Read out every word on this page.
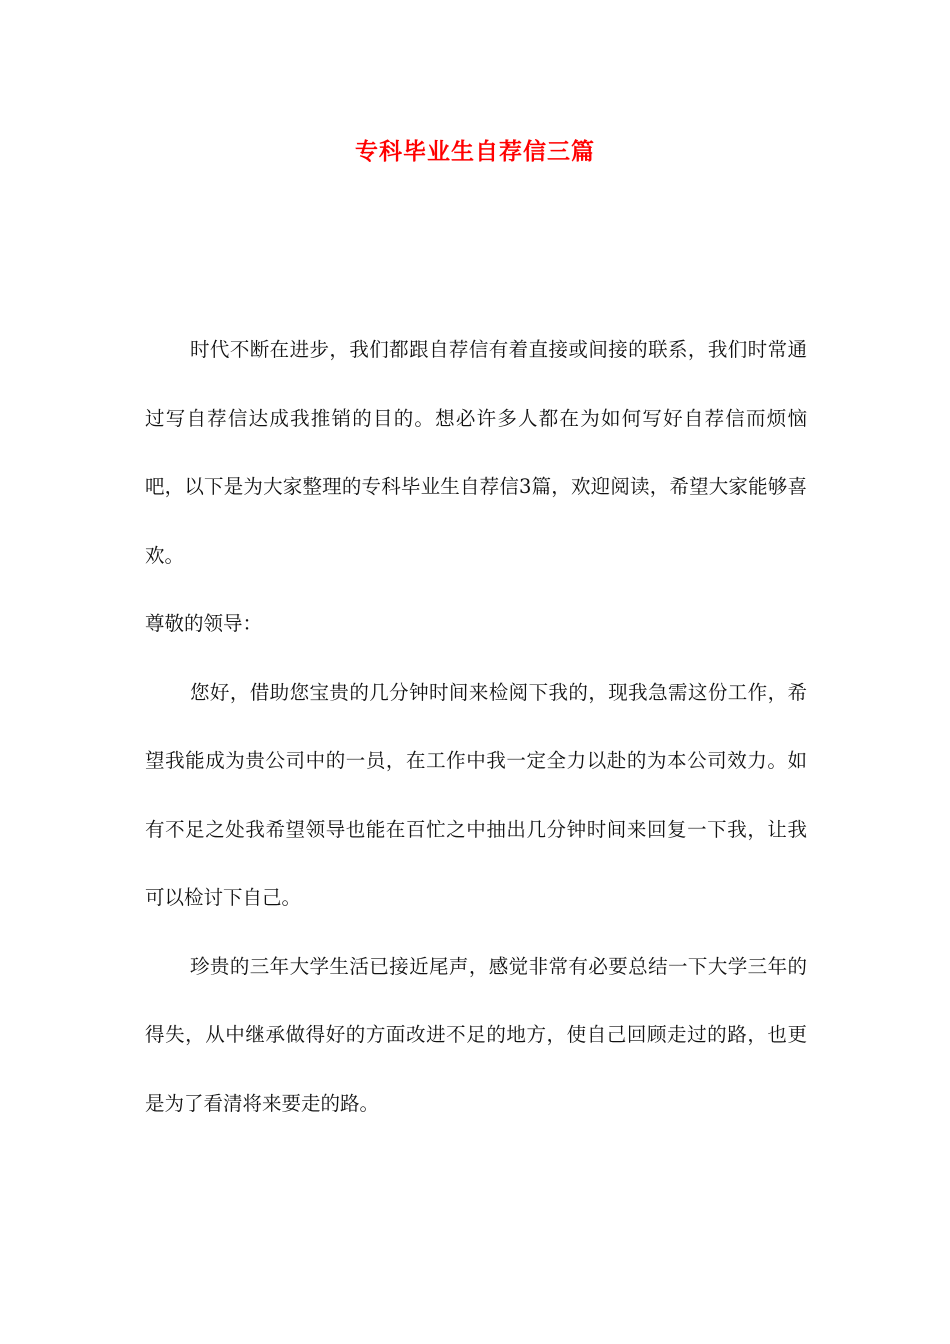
专科毕业生自荐信三篇

时代不断在进步，我们都跟自荐信有着直接或间接的联系，我们时常通过写自荐信达成我推销的目的。想必许多人都在为如何写好自荐信而烦恼吧，以下是为大家整理的专科毕业生自荐信3篇，欢迎阅读，希望大家能够喜欢。

尊敬的领导：

您好，借助您宝贵的几分钟时间来检阅下我的，现我急需这份工作，希望我能成为贵公司中的一员，在工作中我一定全力以赴的为本公司效力。如有不足之处我希望领导也能在百忙之中抽出几分钟时间来回复一下我，让我可以检讨下自己。

珍贵的三年大学生活已接近尾声，感觉非常有必要总结一下大学三年的得失，从中继承做得好的方面改进不足的地方，使自己回顾走过的路，也更是为了看清将来要走的路。
